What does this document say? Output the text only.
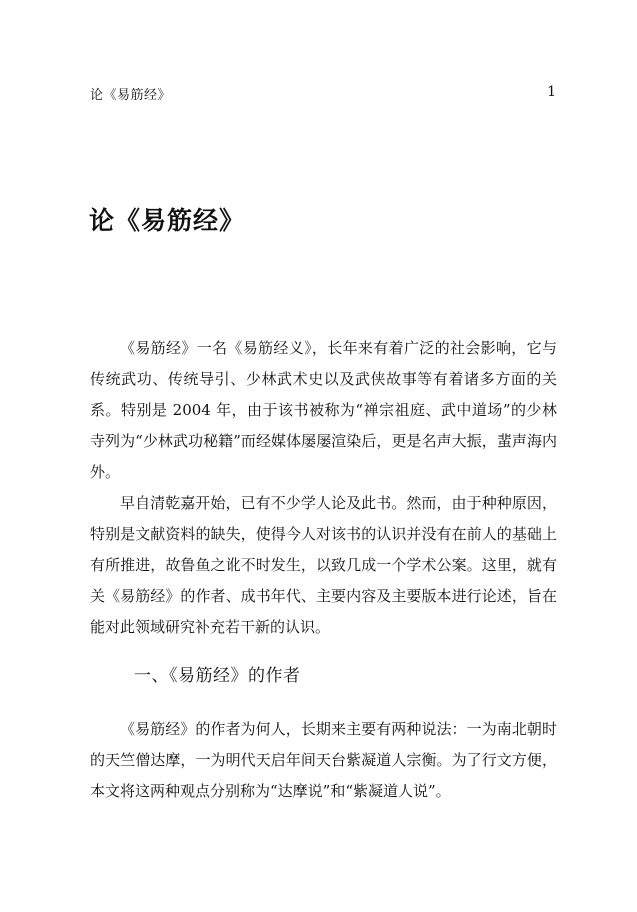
论《易筋经》	1
论《易筋经》

《易筋经》一名《易筋经义》，长年来有着广泛的社会影响，它与传统武功、传统导引、少林武术史以及武侠故事等有着诸多方面的关系。特别是 2004 年，由于该书被称为“禅宗祖庭、武中道场”的少林寺列为“少林武功秘籍”而经媒体屡屡渲染后，更是名声大振，蜚声海内外。

早自清乾嘉开始，已有不少学人论及此书。然而，由于种种原因，特别是文献资料的缺失，使得今人对该书的认识并没有在前人的基础上有所推进，故鲁鱼之讹不时发生，以致几成一个学术公案。这里，就有关《易筋经》的作者、成书年代、主要内容及主要版本进行论述，旨在能对此领域研究补充若干新的认识。

一、《易筋经》的作者

《易筋经》的作者为何人，长期来主要有两种说法：一为南北朝时的天竺僧达摩，一为明代天启年间天台紫凝道人宗衡。为了行文方便，本文将这两种观点分别称为“达摩说”和“紫凝道人说”。
